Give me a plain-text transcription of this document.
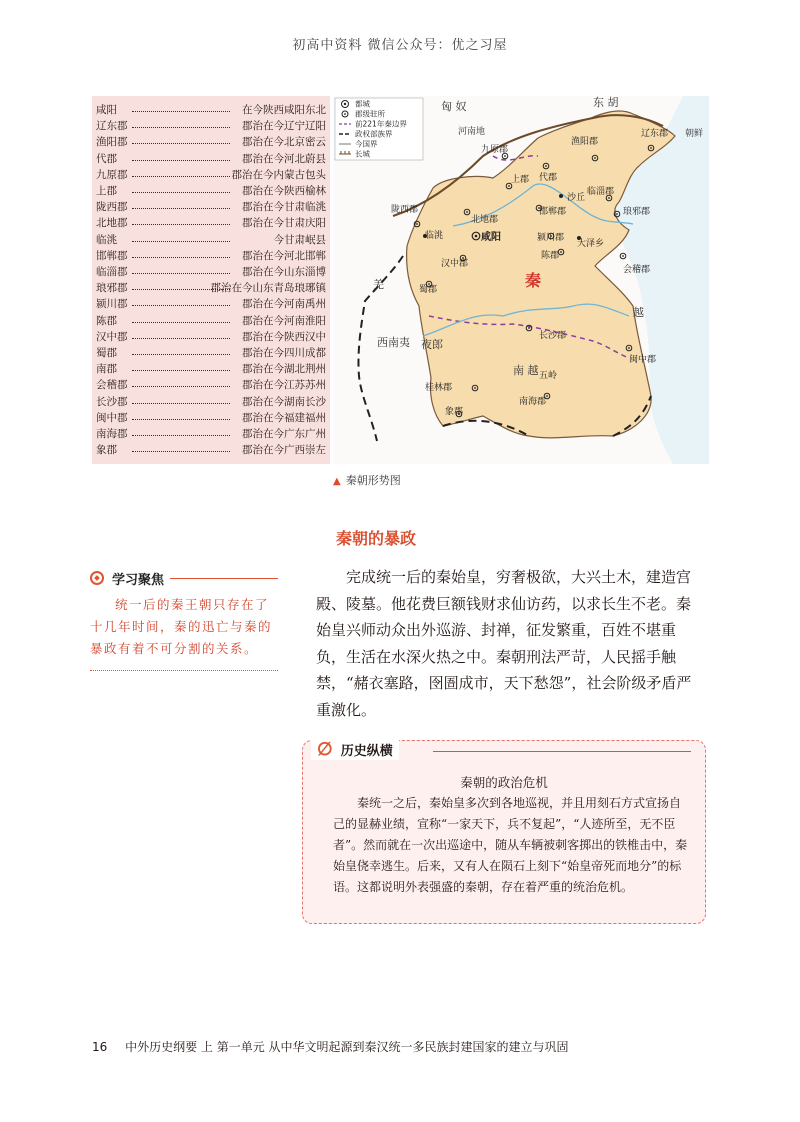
初高中资料 微信公众号：优之习屋
咸阳	在今陕西咸阳东北
辽东郡	郡治在今辽宁辽阳
渔阳郡	郡治在今北京密云
代郡	郡治在今河北蔚县
九原郡	郡治在今内蒙古包头
上郡	郡治在今陕西榆林
陇西郡	郡治在今甘肃临洮
北地郡	郡治在今甘肃庆阳
临洮	今甘肃岷县
邯郸郡	郡治在今河北邯郸
临淄郡	郡治在今山东淄博
琅邪郡	郡治在今山东青岛琅琊镇
颍川郡	郡治在今河南禹州
陈郡	郡治在今河南淮阳
汉中郡	郡治在今陕西汉中
蜀郡	郡治在今四川成都
南郡	郡治在今湖北荆州
会稽郡	郡治在今江苏苏州
长沙郡	郡治在今湖南长沙
闽中郡	郡治在今福建福州
南海郡	郡治在今广东广州
象郡	郡治在今广西崇左
都城
郡级驻所
前221年秦边界
政权部族界
今国界
长城
匈 奴	东 胡
河南地	朝鲜
羌
西南夷 夜郎
南 越
越
秦
九原郡
渔阳郡
辽东郡
代郡
上郡
沙丘
临淄郡
琅邪郡
陇西郡
北地郡
邯郸郡
临洮	咸阳	颍川郡
大泽乡
汉中郡
陈郡
会稽郡
蜀郡
长沙郡
闽中郡
桂林郡
南海郡
象郡
五岭
▲ 秦朝形势图
秦朝的暴政
学习聚焦
统一后的秦王朝只存在了十几年时间，秦的迅亡与秦的暴政有着不可分割的关系。
完成统一后的秦始皇，穷奢极欲，大兴土木，建造宫殿、陵墓。他花费巨额钱财求仙访药，以求长生不老。秦始皇兴师动众出外巡游、封禅，征发繁重，百姓不堪重负，生活在水深火热之中。秦朝刑法严苛，人民摇手触禁，“赭衣塞路，囹圄成市，天下愁怨”，社会阶级矛盾严重激化。
∅ 历史纵横
秦朝的政治危机
秦统一之后，秦始皇多次到各地巡视，并且用刻石方式宣扬自己的显赫业绩，宣称“一家天下，兵不复起”，“人迹所至，无不臣者”。然而就在一次出巡途中，随从车辆被刺客掷出的铁椎击中，秦始皇侥幸逃生。后来，又有人在陨石上刻下“始皇帝死而地分”的标语。这都说明外表强盛的秦朝，存在着严重的统治危机。
16 中外历史纲要 上 第一单元 从中华文明起源到秦汉统一多民族封建国家的建立与巩固
